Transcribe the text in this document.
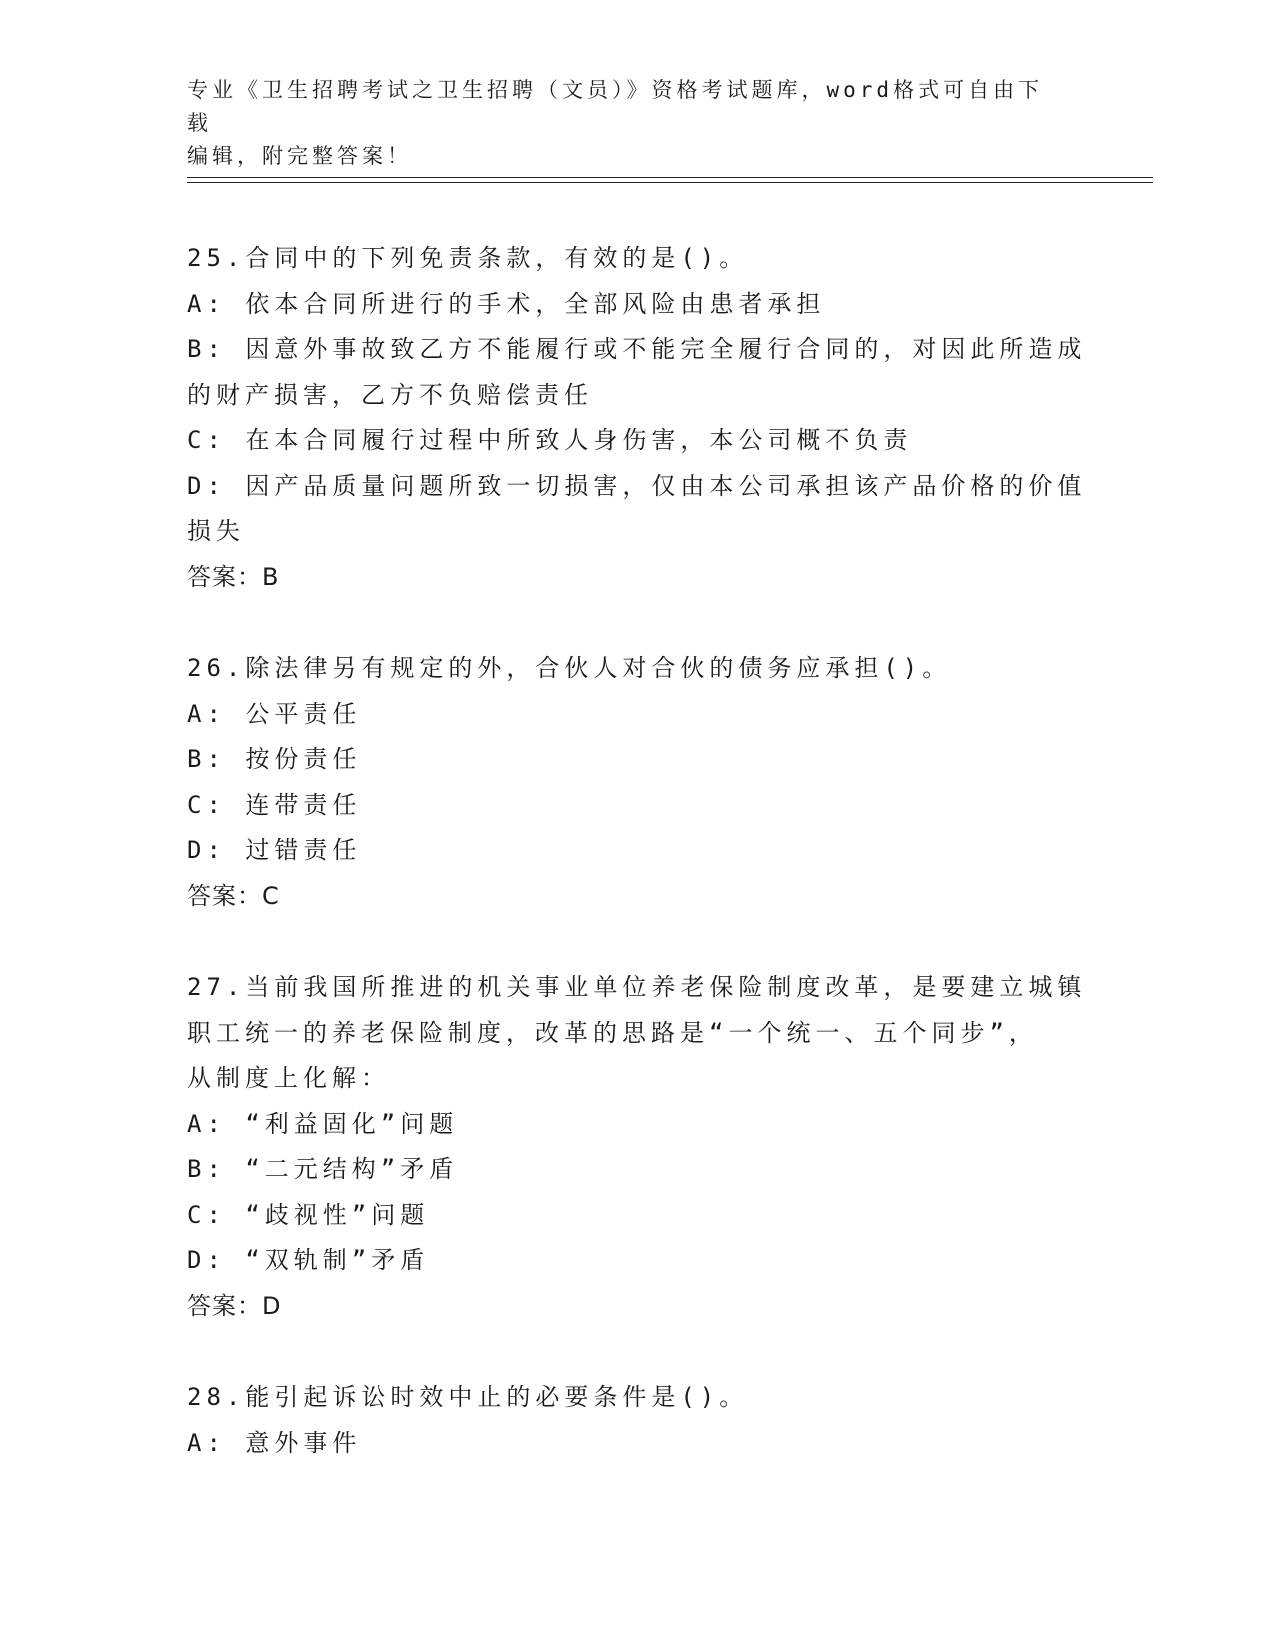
专业《卫生招聘考试之卫生招聘（文员）》资格考试题库，word格式可自由下载
编辑，附完整答案！
25.合同中的下列免责条款，有效的是()。
A: 依本合同所进行的手术，全部风险由患者承担
B: 因意外事故致乙方不能履行或不能完全履行合同的，对因此所造成
的财产损害，乙方不负赔偿责任
C: 在本合同履行过程中所致人身伤害，本公司概不负责
D: 因产品质量问题所致一切损害，仅由本公司承担该产品价格的价值
损失
答案：B
26.除法律另有规定的外，合伙人对合伙的债务应承担()。
A: 公平责任
B: 按份责任
C: 连带责任
D: 过错责任
答案：C
27.当前我国所推进的机关事业单位养老保险制度改革，是要建立城镇
职工统一的养老保险制度，改革的思路是“一个统一、五个同步”，
从制度上化解：
A: “利益固化”问题
B: “二元结构”矛盾
C: “歧视性”问题
D: “双轨制”矛盾
答案：D
28.能引起诉讼时效中止的必要条件是()。
A: 意外事件
